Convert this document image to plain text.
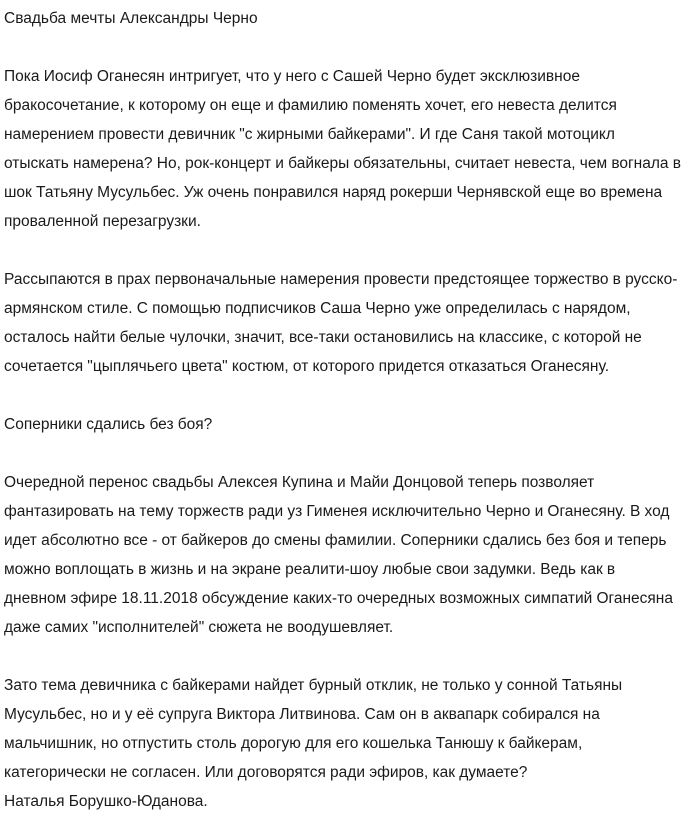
Свадьба мечты Александры Черно

Пока Иосиф Оганесян интригует, что у него с Сашей Черно будет эксклюзивное бракосочетание, к которому он еще и фамилию поменять хочет, его невеста делится намерением провести девичник "с жирными байкерами". И где Саня такой мотоцикл отыскать намерена? Но, рок-концерт и байкеры обязательны, считает невеста, чем вогнала в шок Татьяну Мусульбес. Уж очень понравился наряд рокерши Чернявской еще во времена проваленной перезагрузки.

Рассыпаются в прах первоначальные намерения провести предстоящее торжество в русско-армянском стиле. С помощью подписчиков Саша Черно уже определилась с нарядом, осталось найти белые чулочки, значит, все-таки остановились на классике, с которой не сочетается "цыплячьего цвета" костюм, от которого придется отказаться Оганесяну.

Соперники сдались без боя?

Очередной перенос свадьбы Алексея Купина и Майи Донцовой теперь позволяет фантазировать на тему торжеств ради уз Гименея исключительно Черно и Оганесяну. В ход идет абсолютно все - от байкеров до смены фамилии. Соперники сдались без боя и теперь можно воплощать в жизнь и на экране реалити-шоу любые свои задумки. Ведь как в дневном эфире 18.11.2018 обсуждение каких-то очередных возможных симпатий Оганесяна даже самих "исполнителей" сюжета не воодушевляет.

Зато тема девичника с байкерами найдет бурный отклик, не только у сонной Татьяны Мусульбес, но и у её супруга Виктора Литвинова. Сам он в аквапарк собирался на мальчишник, но отпустить столь дорогую для его кошелька Танюшу к байкерам, категорически не согласен. Или договорятся ради эфиров, как думаете?

Наталья Борушко-Юданова.
